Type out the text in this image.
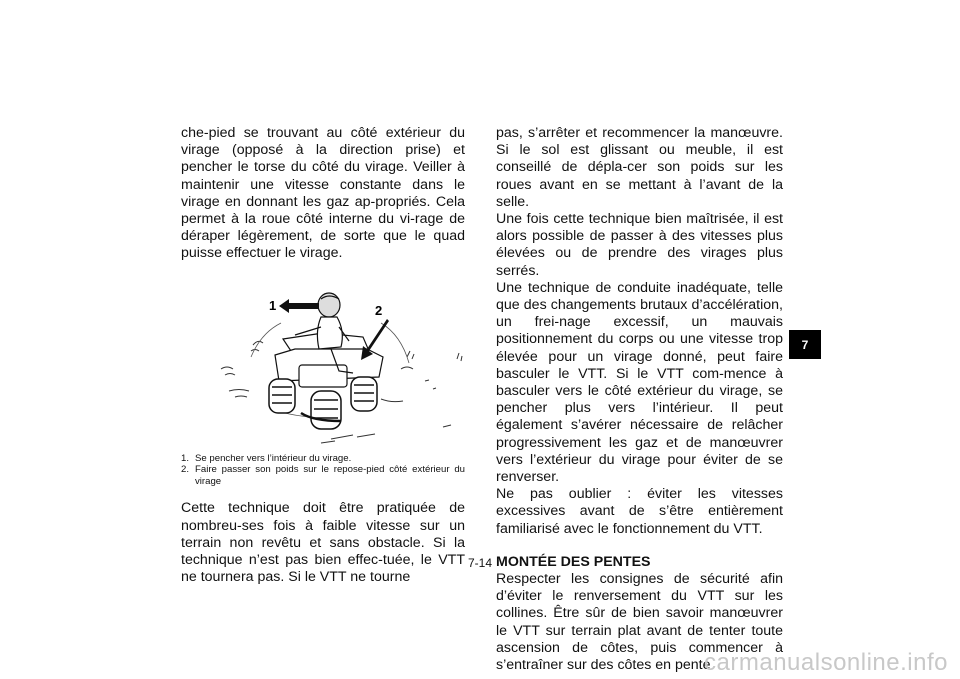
che-pied se trouvant au côté extérieur du virage (opposé à la direction prise) et pencher le torse du côté du virage. Veiller à maintenir une vitesse constante dans le virage en donnant les gaz ap-propriés. Cela permet à la roue côté interne du vi-rage de déraper légèrement, de sorte que le quad puisse effectuer le virage.

1	2
1. Se pencher vers l’intérieur du virage.
2. Faire passer son poids sur le repose-pied côté extérieur du virage

Cette technique doit être pratiquée de nombreu-ses fois à faible vitesse sur un terrain non revêtu et sans obstacle. Si la technique n’est pas bien effec-tuée, le VTT ne tournera pas. Si le VTT ne tourne

pas, s’arrêter et recommencer la manœuvre. Si le sol est glissant ou meuble, il est conseillé de dépla-cer son poids sur les roues avant en se mettant à l’avant de la selle.

Une fois cette technique bien maîtrisée, il est alors possible de passer à des vitesses plus élevées ou de prendre des virages plus serrés.

Une technique de conduite inadéquate, telle que des changements brutaux d’accélération, un frei-nage excessif, un mauvais positionnement du corps ou une vitesse trop élevée pour un virage donné, peut faire basculer le VTT. Si le VTT com-mence à basculer vers le côté extérieur du virage, se pencher plus vers l’intérieur. Il peut également s’avérer nécessaire de relâcher progressivement les gaz et de manœuvrer vers l’extérieur du virage pour éviter de se renverser.

Ne pas oublier : éviter les vitesses excessives avant de s’être entièrement familiarisé avec le fonctionnement du VTT.

MONTÉE DES PENTES

Respecter les consignes de sécurité afin d’éviter le renversement du VTT sur les collines. Être sûr de bien savoir manœuvrer le VTT sur terrain plat avant de tenter toute ascension de côtes, puis commencer à s’entraîner sur des côtes en pente

7
7-14
carmanualsonline.info
